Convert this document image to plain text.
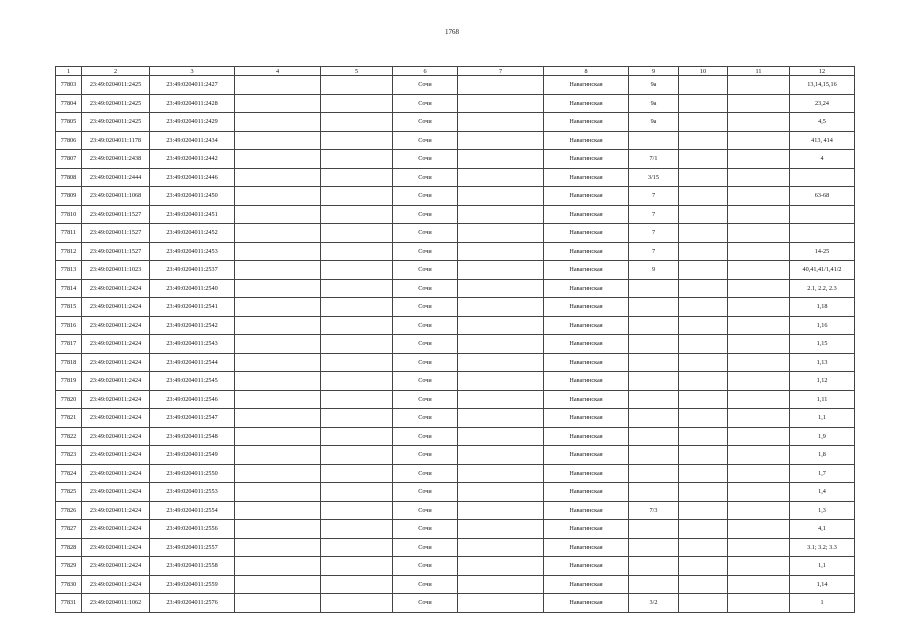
1768
1	2	3	4	5	6	7	8	9	10	11	12
77803	23:49:0204011:2425	23:49:0204011:2427			Сочи		Навагинская	9а			13,14,15,16
77804	23:49:0204011:2425	23:49:0204011:2428			Сочи		Навагинская	9а			23,24
77805	23:49:0204011:2425	23:49:0204011:2429			Сочи		Навагинская	9а			4,5
77806	23:49:0204011:1178	23:49:0204011:2434			Сочи		Навагинская				413, 414
77807	23:49:0204011:2438	23:49:0204011:2442			Сочи		Навагинская	7/1			4
77808	23:49:0204011:2444	23:49:0204011:2446			Сочи		Навагинская	3/15			
77809	23:49:0204011:1068	23:49:0204011:2450			Сочи		Навагинская	7			63-68
77810	23:49:0204011:1527	23:49:0204011:2451			Сочи		Навагинская	7			
77811	23:49:0204011:1527	23:49:0204011:2452			Сочи		Навагинская	7			
77812	23:49:0204011:1527	23:49:0204011:2453			Сочи		Навагинская	7			14-25
77813	23:49:0204011:1023	23:49:0204011:2537			Сочи		Навагинская	9			40,41,41/1,41/2
77814	23:49:0204011:2424	23:49:0204011:2540			Сочи		Навагинская				2.1, 2.2, 2.3
77815	23:49:0204011:2424	23:49:0204011:2541			Сочи		Навагинская				1,18
77816	23:49:0204011:2424	23:49:0204011:2542			Сочи		Навагинская				1,16
77817	23:49:0204011:2424	23:49:0204011:2543			Сочи		Навагинская				1,15
77818	23:49:0204011:2424	23:49:0204011:2544			Сочи		Навагинская				1,13
77819	23:49:0204011:2424	23:49:0204011:2545			Сочи		Навагинская				1,12
77820	23:49:0204011:2424	23:49:0204011:2546			Сочи		Навагинская				1,11
77821	23:49:0204011:2424	23:49:0204011:2547			Сочи		Навагинская				1,1
77822	23:49:0204011:2424	23:49:0204011:2548			Сочи		Навагинская				1,9
77823	23:49:0204011:2424	23:49:0204011:2549			Сочи		Навагинская				1,8
77824	23:49:0204011:2424	23:49:0204011:2550			Сочи		Навагинская				1,7
77825	23:49:0204011:2424	23:49:0204011:2553			Сочи		Навагинская				1,4
77826	23:49:0204011:2424	23:49:0204011:2554			Сочи		Навагинская	7/3			1,3
77827	23:49:0204011:2424	23:49:0204011:2556			Сочи		Навагинская				4,1
77828	23:49:0204011:2424	23:49:0204011:2557			Сочи		Навагинская				3.1; 3.2; 3.3
77829	23:49:0204011:2424	23:49:0204011:2558			Сочи		Навагинская				1,1
77830	23:49:0204011:2424	23:49:0204011:2559			Сочи		Навагинская				1,14
77831	23:49:0204011:1062	23:49:0204011:2576			Сочи		Навагинская	3/2			1
